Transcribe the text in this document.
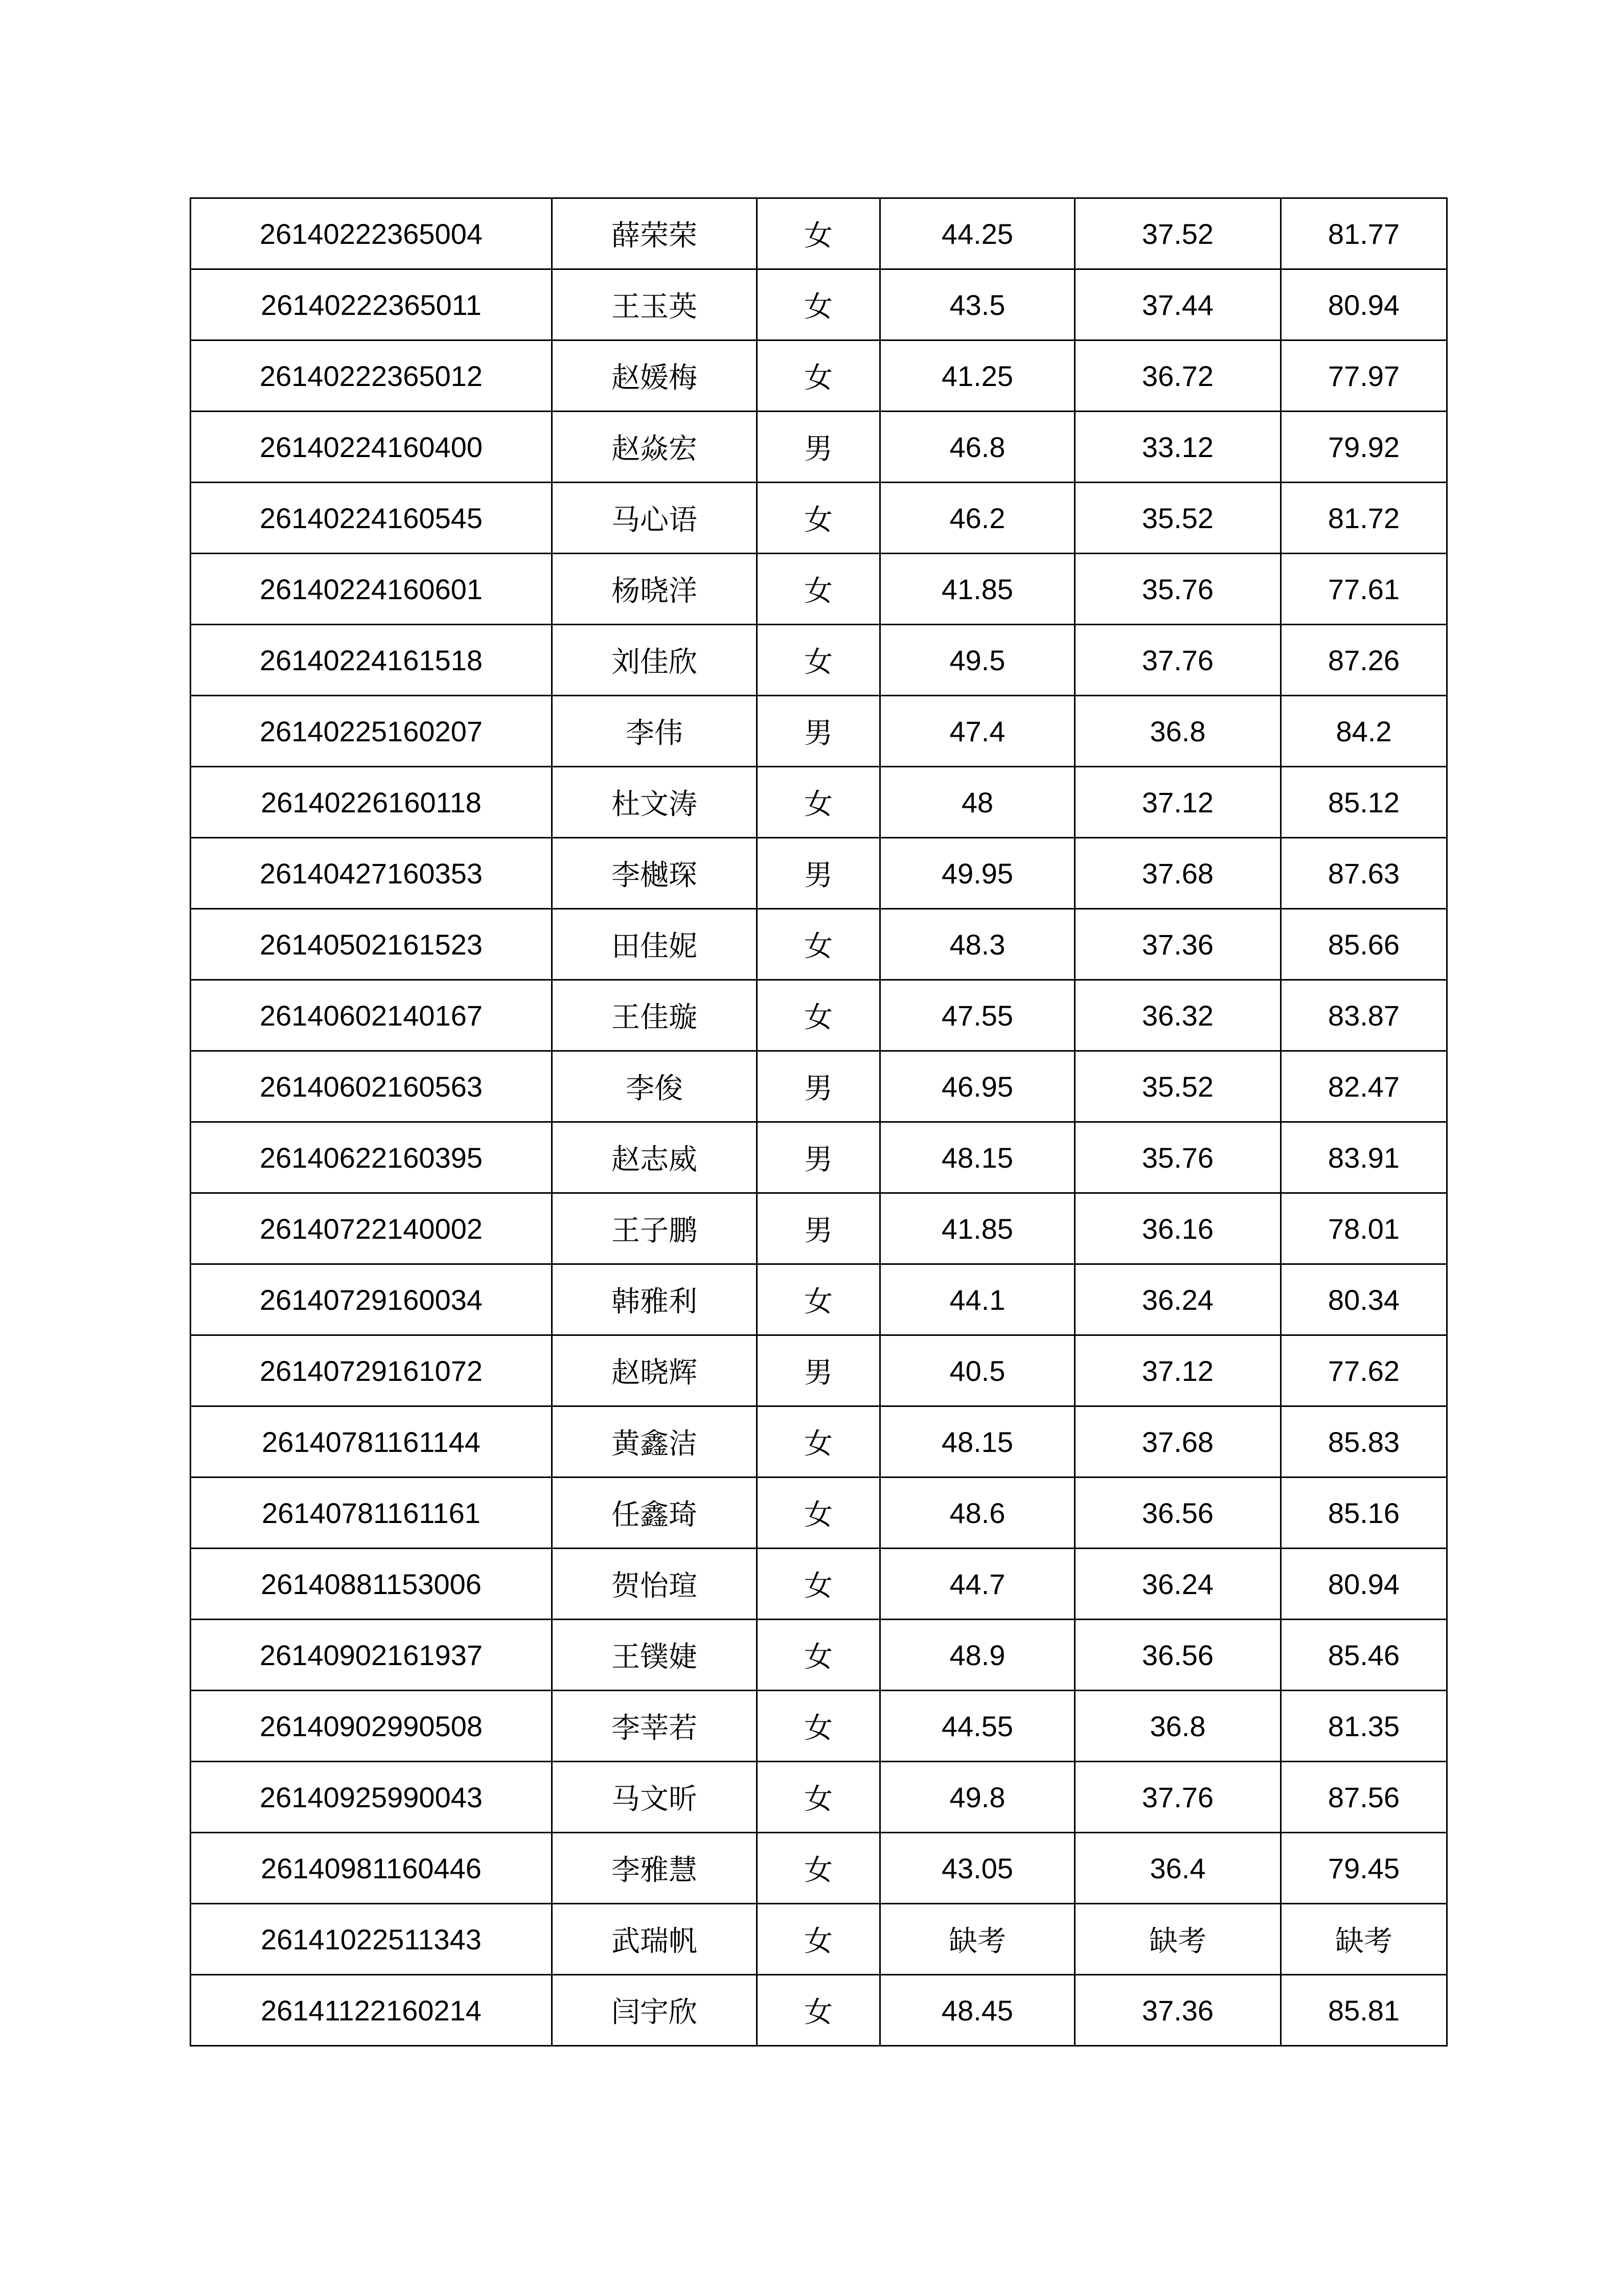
26140222365004	薛荣荣	女	44.25	37.52	81.77
26140222365011	王玉英	女	43.5	37.44	80.94
26140222365012	赵媛梅	女	41.25	36.72	77.97
26140224160400	赵焱宏	男	46.8	33.12	79.92
26140224160545	马心语	女	46.2	35.52	81.72
26140224160601	杨晓洋	女	41.85	35.76	77.61
26140224161518	刘佳欣	女	49.5	37.76	87.26
26140225160207	李伟	男	47.4	36.8	84.2
26140226160118	杜文涛	女	48	37.12	85.12
26140427160353	李樾琛	男	49.95	37.68	87.63
26140502161523	田佳妮	女	48.3	37.36	85.66
26140602140167	王佳璇	女	47.55	36.32	83.87
26140602160563	李俊	男	46.95	35.52	82.47
26140622160395	赵志威	男	48.15	35.76	83.91
26140722140002	王子鹏	男	41.85	36.16	78.01
26140729160034	韩雅利	女	44.1	36.24	80.34
26140729161072	赵晓辉	男	40.5	37.12	77.62
26140781161144	黄鑫洁	女	48.15	37.68	85.83
26140781161161	任鑫琦	女	48.6	36.56	85.16
26140881153006	贺怡瑄	女	44.7	36.24	80.94
26140902161937	王镤婕	女	48.9	36.56	85.46
26140902990508	李莘若	女	44.55	36.8	81.35
26140925990043	马文昕	女	49.8	37.76	87.56
26140981160446	李雅慧	女	43.05	36.4	79.45
26141022511343	武瑞帆	女	缺考	缺考	缺考
26141122160214	闫宇欣	女	48.45	37.36	85.81
